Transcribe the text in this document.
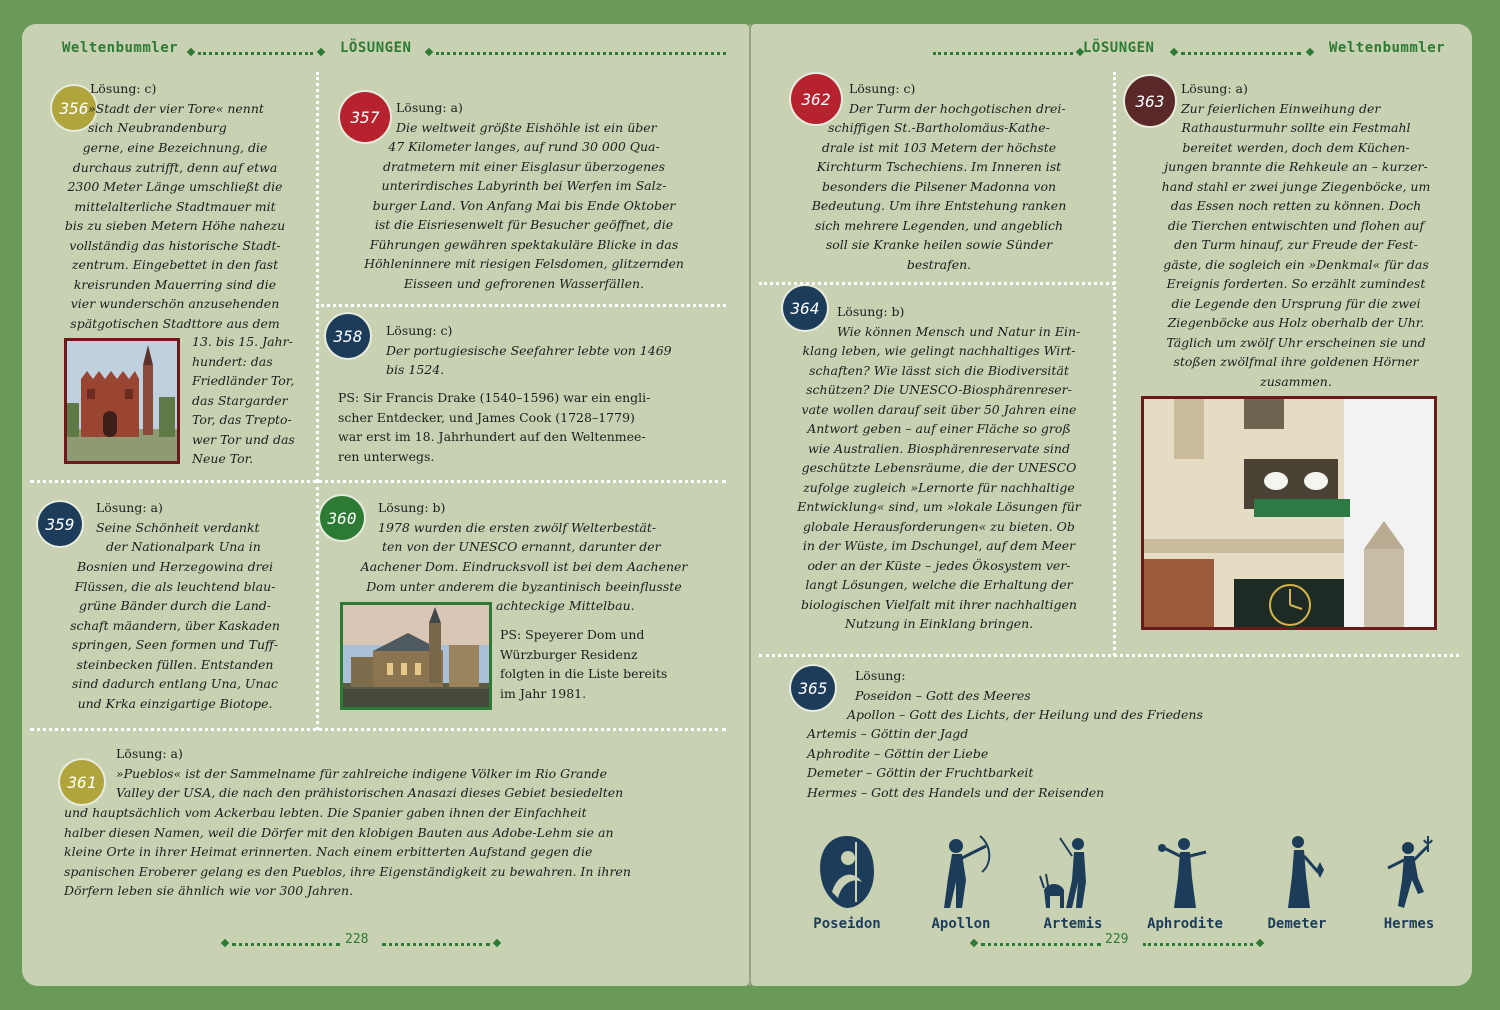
Weltenbummler	LÖSUNGEN
356
Lösung: c)
»Stadt der vier Tore« nennt
sich Neubrandenburg
gerne, eine Bezeichnung, die
durchaus zutrifft, denn auf etwa
2300 Meter Länge umschließt die
mittelalterliche Stadtmauer mit
bis zu sieben Metern Höhe nahezu
vollständig das historische Stadt-
zentrum. Eingebettet in den fast
kreisrunden Mauerring sind die
vier wunderschön anzusehenden
spätgotischen Stadttore aus dem
13. bis 15. Jahr-
hundert: das
Friedländer Tor,
das Stargarder
Tor, das Trepto-
wer Tor und das
Neue Tor.
357	Lösung: a)
Die weltweit größte Eishöhle ist ein über
47 Kilometer langes, auf rund 30 000 Qua-
dratmetern mit einer Eisglasur überzogenes
unterirdisches Labyrinth bei Werfen im Salz-
burger Land. Von Anfang Mai bis Ende Oktober
ist die Eisriesenwelt für Besucher geöffnet, die
Führungen gewähren spektakuläre Blicke in das
Höhleninnere mit riesigen Felsdomen, glitzernden
Eisseen und gefrorenen Wasserfällen.
358	Lösung: c)
Der portugiesische Seefahrer lebte von 1469
bis 1524.
PS: Sir Francis Drake (1540–1596) war ein engli-
scher Entdecker, und James Cook (1728–1779)
war erst im 18. Jahrhundert auf den Weltenmee-
ren unterwegs.
359
Lösung: a)
Seine Schönheit verdankt
der Nationalpark Una in
Bosnien und Herzegowina drei
Flüssen, die als leuchtend blau-
grüne Bänder durch die Land-
schaft mäandern, über Kaskaden
springen, Seen formen und Tuff-
steinbecken füllen. Entstanden
sind dadurch entlang Una, Unac
und Krka einzigartige Biotope.
360
Lösung: b)
1978 wurden die ersten zwölf Welterbestät-
ten von der UNESCO ernannt, darunter der
Aachener Dom. Eindrucksvoll ist bei dem Aachener
Dom unter anderem die byzantinisch beeinflusste
achteckige Mittelbau.
PS: Speyerer Dom und
Würzburger Residenz
folgten in die Liste bereits
im Jahr 1981.
361
Lösung: a)
»Pueblos« ist der Sammelname für zahlreiche indigene Völker im Rio Grande
Valley der USA, die nach den prähistorischen Anasazi dieses Gebiet besiedelten
und hauptsächlich vom Ackerbau lebten. Die Spanier gaben ihnen der Einfachheit
halber diesen Namen, weil die Dörfer mit den klobigen Bauten aus Adobe-Lehm sie an
kleine Orte in ihrer Heimat erinnerten. Nach einem erbitterten Aufstand gegen die
spanischen Eroberer gelang es den Pueblos, ihre Eigenständigkeit zu bewahren. In ihren
Dörfern leben sie ähnlich wie vor 300 Jahren.
228
LÖSUNGEN	Weltenbummler
362
Lösung: c)
Der Turm der hochgotischen drei-
schiffigen St.-Bartholomäus-Kathe-
drale ist mit 103 Metern der höchste
Kirchturm Tschechiens. Im Inneren ist
besonders die Pilsener Madonna von
Bedeutung. Um ihre Entstehung ranken
sich mehrere Legenden, und angeblich
soll sie Kranke heilen sowie Sünder
bestrafen.
363
Lösung: a)
Zur feierlichen Einweihung der
Rathausturmuhr sollte ein Festmahl
bereitet werden, doch dem Küchen-
jungen brannte die Rehkeule an – kurzer-
hand stahl er zwei junge Ziegenböcke, um
das Essen noch retten zu können. Doch
die Tierchen entwischten und flohen auf
den Turm hinauf, zur Freude der Fest-
gäste, die sogleich ein »Denkmal« für das
Ereignis forderten. So erzählt zumindest
die Legende den Ursprung für die zwei
Ziegenböcke aus Holz oberhalb der Uhr.
Täglich um zwölf Uhr erscheinen sie und
stoßen zwölfmal ihre goldenen Hörner
zusammen.
364	Lösung: b)
Wie können Mensch und Natur in Ein-
klang leben, wie gelingt nachhaltiges Wirt-
schaften? Wie lässt sich die Biodiversität
schützen? Die UNESCO-Biosphärenreser-
vate wollen darauf seit über 50 Jahren eine
Antwort geben – auf einer Fläche so groß
wie Australien. Biosphärenreservate sind
geschützte Lebensräume, die der UNESCO
zufolge zugleich »Lernorte für nachhaltige
Entwicklung« sind, um »lokale Lösungen für
globale Herausforderungen« zu bieten. Ob
in der Wüste, im Dschungel, auf dem Meer
oder an der Küste – jedes Ökosystem ver-
langt Lösungen, welche die Erhaltung der
biologischen Vielfalt mit ihrer nachhaltigen
Nutzung in Einklang bringen.
365
Lösung:
Poseidon – Gott des Meeres
Apollon – Gott des Lichts, der Heilung und des Friedens
Artemis – Göttin der Jagd
Aphrodite – Göttin der Liebe
Demeter – Göttin der Fruchtbarkeit
Hermes – Gott des Handels und der Reisenden
Poseidon	Apollon	Artemis	Aphrodite	Demeter	Hermes
229
